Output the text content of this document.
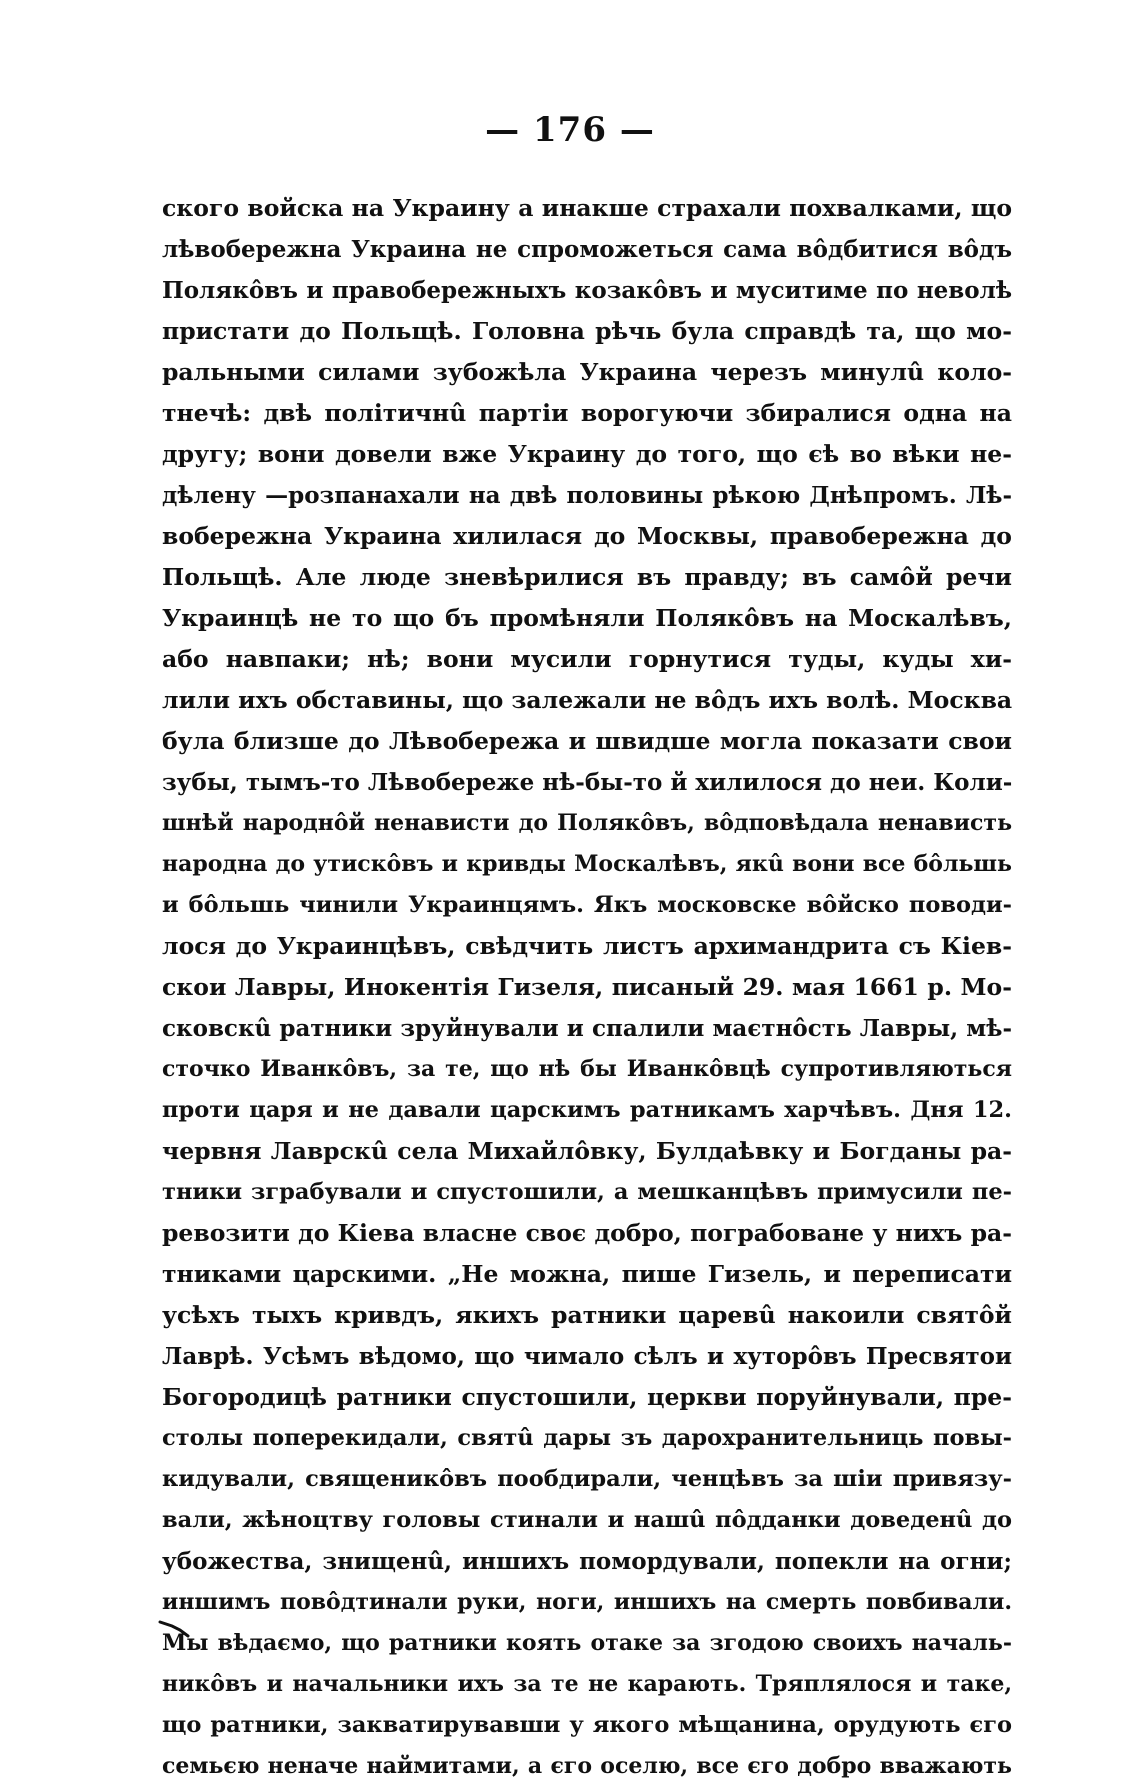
— 176 —
ского войска на Украину а инакше страхали похвалками, що
лѣвобережна Украина не спроможеться сама вôдбитися вôдъ
Полякôвъ и правобережныхъ козакôвъ и муситиме по неволѣ
пристати до Польщѣ. Головна рѣчь була справдѣ та, що мо-
ральными силами зубожѣла Украина черезъ минулû коло-
тнечѣ: двѣ політичнû партіи ворогуючи збиралися одна на
другу; вони довели вже Украину до того, що єѣ во вѣки не-
дѣлену —розпанахали на двѣ половины рѣкою Днѣпромъ. Лѣ-
вобережна Украина хилилася до Москвы, правобережна до
Польщѣ. Але люде зневѣрилися въ правду; въ самôй речи
Украинцѣ не то що бъ промѣняли Полякôвъ на Москалѣвъ,
або навпаки; нѣ; вони мусили горнутися туды, куды хи-
лили ихъ обставины, що залежали не вôдъ ихъ волѣ. Москва
була близше до Лѣвобережа и швидше могла показати свои
зубы, тымъ-то Лѣвобереже нѣ-бы-то й хилилося до неи. Коли-
шнѣй народнôй ненависти до Полякôвъ, вôдповѣдала ненависть
народна до утискôвъ и кривды Москалѣвъ, якû вони все бôльшь
и бôльшь чинили Украинцямъ. Якъ московске вôйско поводи-
лося до Украинцѣвъ, свѣдчить листъ архимандрита съ Кіев-
скои Лавры, Инокентія Гизеля, писаный 29. мая 1661 р. Мо-
сковскû ратники зруйнували и спалили маєтнôсть Лавры, мѣ-
сточко Иванкôвъ, за те, що нѣ бы Иванкôвцѣ супротивляються
проти царя и не давали царскимъ ратникамъ харчѣвъ. Дня 12.
червня Лаврскû села Михайлôвку, Булдаѣвку и Богданы ра-
тники зграбували и спустошили, а мешканцѣвъ примусили пе-
ревозити до Кіева власне своє добро, пограбоване у нихъ ра-
тниками царскими. „Не можна, пише Гизель, и переписати
усѣхъ тыхъ кривдъ, якихъ ратники царевû накоили святôй
Лаврѣ. Усѣмъ вѣдомо, що чимало сѣлъ и хуторôвъ Пресвятои
Богородицѣ ратники спустошили, церкви поруйнували, пре-
столы поперекидали, святû дары зъ дарохранительниць повы-
кидували, священикôвъ пообдирали, ченцѣвъ за шіи привязу-
вали, жѣноцтву головы стинали и нашû пôдданки доведенû до
убожества, знищенû, иншихъ помордували, попекли на огни;
иншимъ повôдтинали руки, ноги, иншихъ на смерть повбивали.
Мы вѣдаємо, що ратники коять отаке за згодою своихъ началь-
никôвъ и начальники ихъ за те не карають. Тряплялося и таке,
що ратники, закватирувавши у якого мѣщанина, орудують єго
семьєю неначе наймитами, а єго оселю, все єго добро вважають
